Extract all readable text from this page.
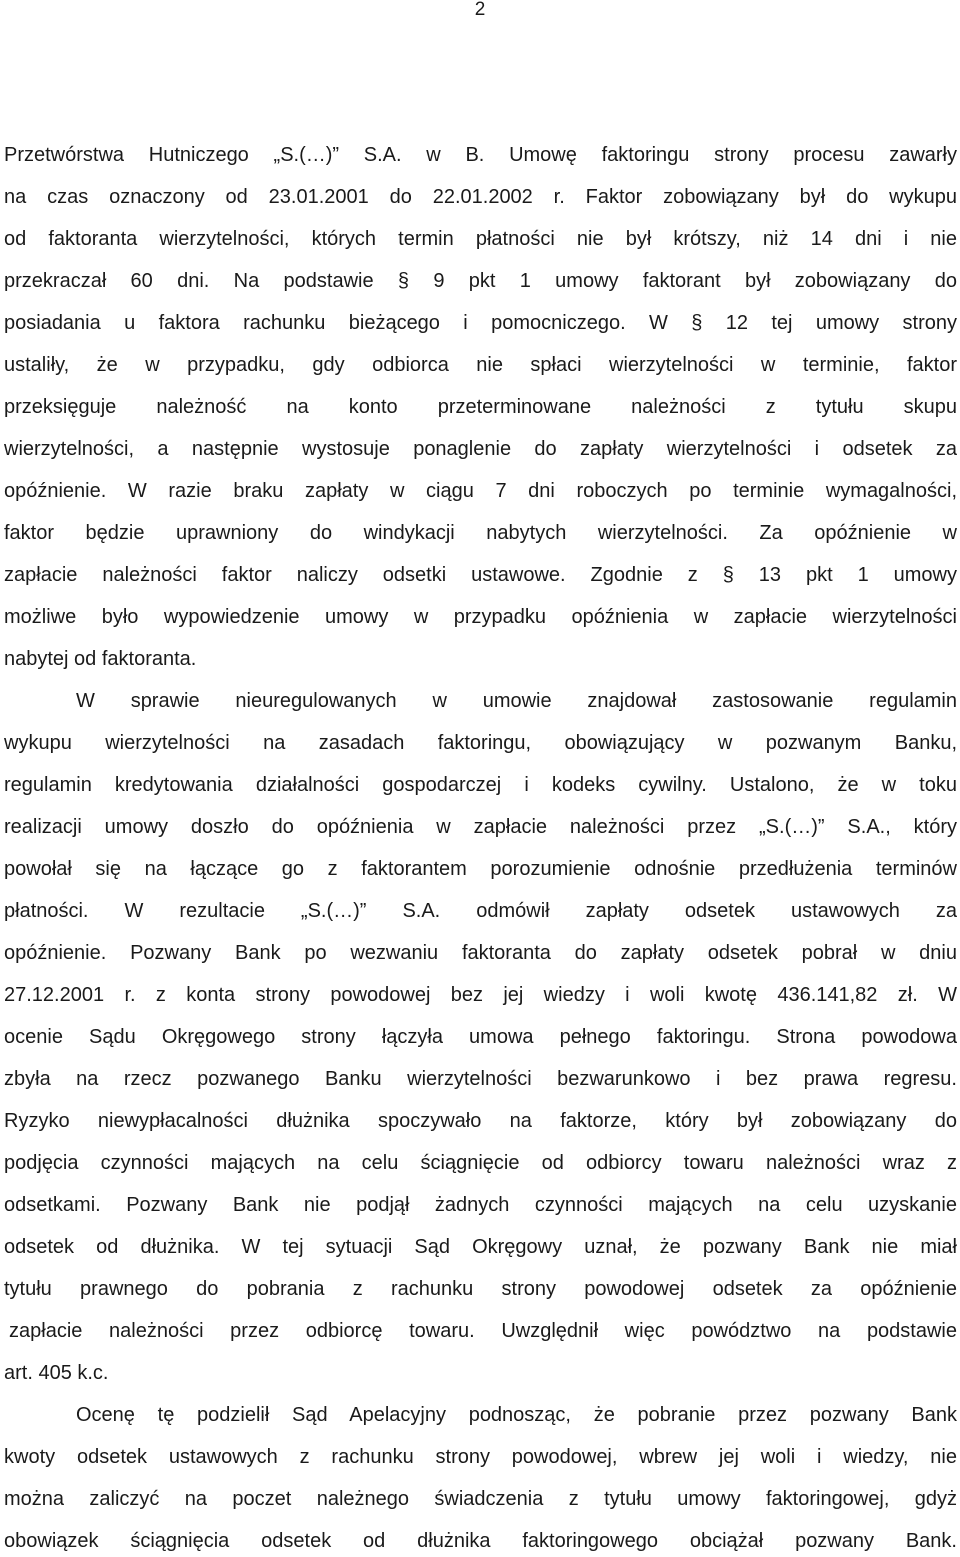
2
Przetwórstwa Hutniczego „S.(…)” S.A. w B. Umowę faktoringu strony procesu zawarły
na czas oznaczony od 23.01.2001 do 22.01.2002 r. Faktor zobowiązany był do wykupu
od faktoranta wierzytelności, których termin płatności nie był krótszy, niż 14 dni i nie
przekraczał 60 dni. Na podstawie § 9 pkt 1 umowy faktorant był zobowiązany do
posiadania u faktora rachunku bieżącego i pomocniczego. W § 12 tej umowy strony
ustaliły, że w przypadku, gdy odbiorca nie spłaci wierzytelności w terminie, faktor
przeksięguje należność na konto przeterminowane należności z tytułu skupu
wierzytelności, a następnie wystosuje ponaglenie do zapłaty wierzytelności i odsetek za
opóźnienie. W razie braku zapłaty w ciągu 7 dni roboczych po terminie wymagalności,
faktor będzie uprawniony do windykacji nabytych wierzytelności. Za opóźnienie w
zapłacie należności faktor naliczy odsetki ustawowe. Zgodnie z § 13 pkt 1 umowy
możliwe było wypowiedzenie umowy w przypadku opóźnienia w zapłacie wierzytelności
nabytej od faktoranta.
W sprawie nieuregulowanych w umowie znajdował zastosowanie regulamin
wykupu wierzytelności na zasadach faktoringu, obowiązujący w pozwanym Banku,
regulamin kredytowania działalności gospodarczej i kodeks cywilny. Ustalono, że w toku
realizacji umowy doszło do opóźnienia w zapłacie należności przez „S.(…)” S.A., który
powołał się na łączące go z faktorantem porozumienie odnośnie przedłużenia terminów
płatności. W rezultacie „S.(…)” S.A. odmówił zapłaty odsetek ustawowych za
opóźnienie. Pozwany Bank po wezwaniu faktoranta do zapłaty odsetek pobrał w dniu
27.12.2001 r. z konta strony powodowej bez jej wiedzy i woli kwotę 436.141,82 zł. W
ocenie Sądu Okręgowego strony łączyła umowa pełnego faktoringu. Strona powodowa
zbyła na rzecz pozwanego Banku wierzytelności bezwarunkowo i bez prawa regresu.
Ryzyko niewypłacalności dłużnika spoczywało na faktorze, który był zobowiązany do
podjęcia czynności mających na celu ściągnięcie od odbiorcy towaru należności wraz z
odsetkami. Pozwany Bank nie podjął żadnych czynności mających na celu uzyskanie
odsetek od dłużnika. W tej sytuacji Sąd Okręgowy uznał, że pozwany Bank nie miał
tytułu prawnego do pobrania z rachunku strony powodowej odsetek za opóźnienie
zapłacie należności przez odbiorcę towaru. Uwzględnił więc powództwo na podstawie
art. 405 k.c.
Ocenę tę podzielił Sąd Apelacyjny podnosząc, że pobranie przez pozwany Bank
kwoty odsetek ustawowych z rachunku strony powodowej, wbrew jej woli i wiedzy, nie
można zaliczyć na poczet należnego świadczenia z tytułu umowy faktoringowej, gdyż
obowiązek ściągnięcia odsetek od dłużnika faktoringowego obciążał pozwany Bank.
